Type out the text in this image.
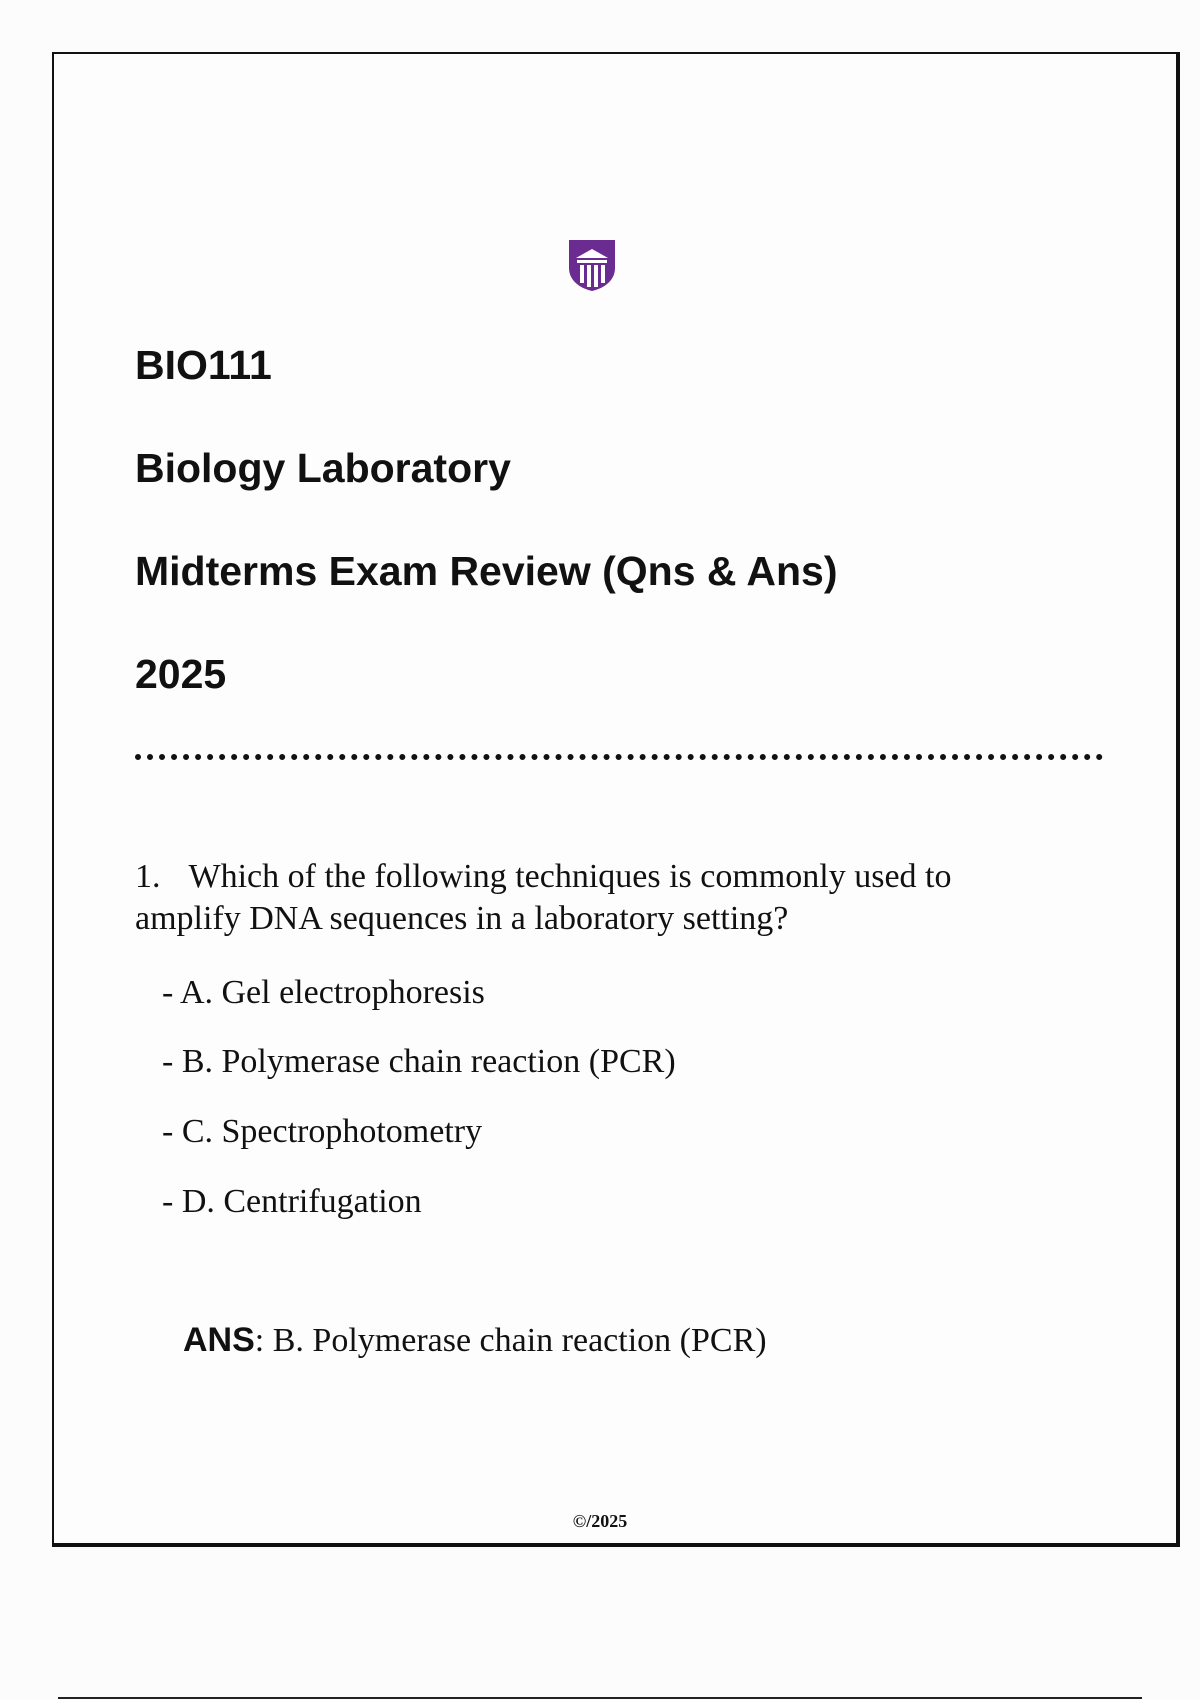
BIO111
Biology Laboratory
Midterms Exam Review (Qns & Ans)
2025

1. Which of the following techniques is commonly used to amplify DNA sequences in a laboratory setting?

- A. Gel electrophoresis

- B. Polymerase chain reaction (PCR)

- C. Spectrophotometry

- D. Centrifugation

ANS: B. Polymerase chain reaction (PCR)

©/2025
